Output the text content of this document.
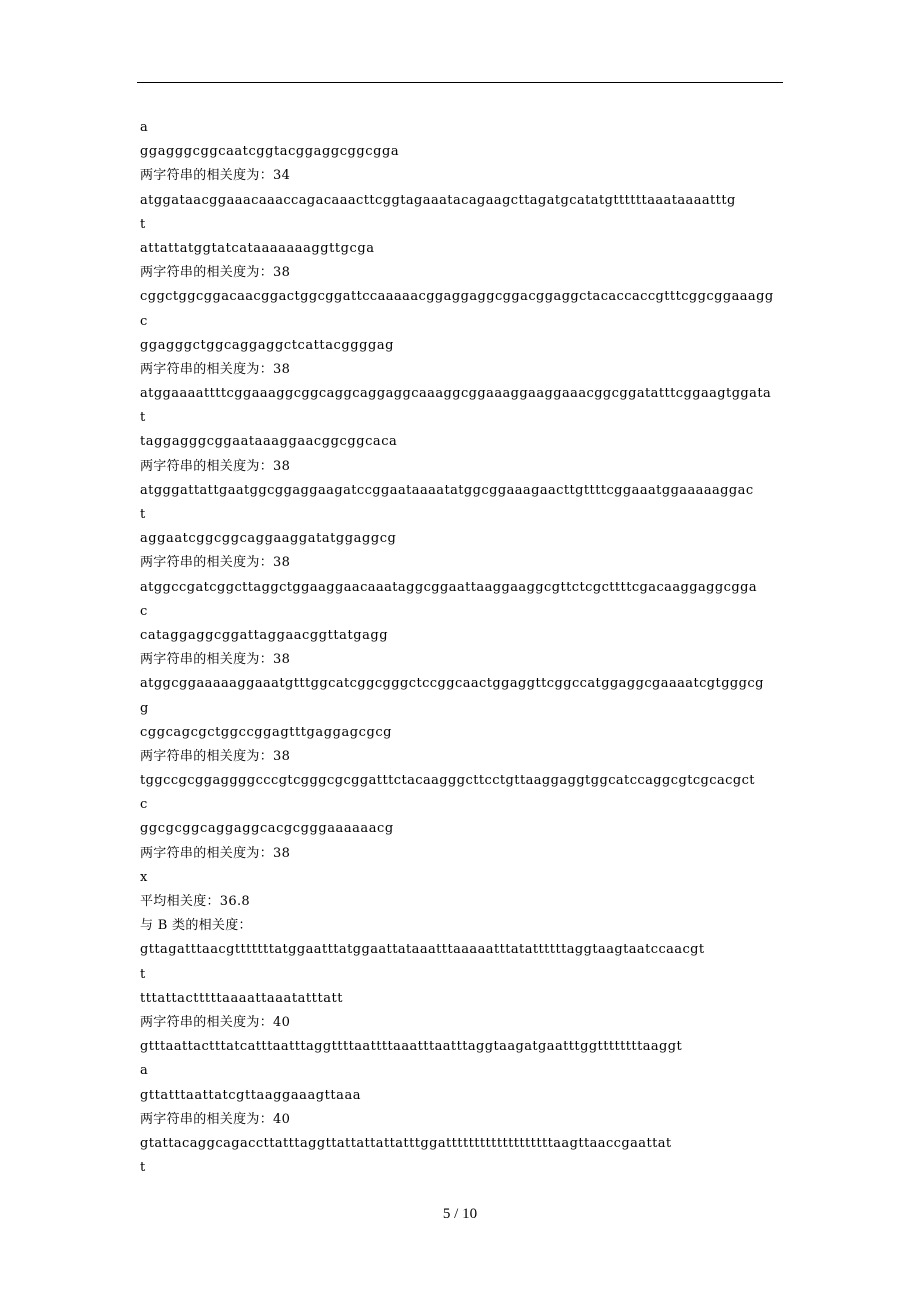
a
ggagggcggcaatcggtacggaggcggcgga
两字符串的相关度为：34
atggataacggaaacaaaccagacaaacttcggtagaaatacagaagcttagatgcatatgttttttaaataaaatttg
t
attattatggtatcataaaaaaaggttgcga
两字符串的相关度为：38
cggctggcggacaacggactggcggattccaaaaacggaggaggcggacggaggctacaccaccgtttcggcggaaagg
c
ggagggctggcaggaggctcattacggggag
两字符串的相关度为：38
atggaaaattttcggaaaggcggcaggcaggaggcaaaggcggaaaggaaggaaacggcggatatttcggaagtggata
t
taggagggcggaataaaggaacggcggcaca
两字符串的相关度为：38
atgggattattgaatggcggaggaagatccggaataaaatatggcggaaagaacttgttttcggaaatggaaaaaggac
t
aggaatcggcggcaggaaggatatggaggcg
两字符串的相关度为：38
atggccgatcggcttaggctggaaggaacaaataggcggaattaaggaaggcgttctcgcttttcgacaaggaggcgga
c
cataggaggcggattaggaacggttatgagg
两字符串的相关度为：38
atggcggaaaaaggaaatgtttggcatcggcgggctccggcaactggaggttcggccatggaggcgaaaatcgtgggcg
g
cggcagcgctggccggagtttgaggagcgcg
两字符串的相关度为：38
tggccgcggaggggcccgtcgggcgcggatttctacaagggcttcctgttaaggaggtggcatccaggcgtcgcacgct
c
ggcgcggcaggaggcacgcgggaaaaaacg
两字符串的相关度为：38
x
平均相关度：36.8
与 B 类的相关度：
gttagatttaacgtttttttatggaatttatggaattataaatttaaaaatttatattttttaggtaagtaatccaacgt
t
tttattactttttaaaattaaatatttatt
两字符串的相关度为：40
gtttaattactttatcatttaatttaggttttaattttaaatttaatttaggtaagatgaatttggttttttttaaggt
a
gttatttaattatcgttaaggaaagttaaa
两字符串的相关度为：40
gtattacaggcagaccttatttaggttattattattatttggatttttttttttttttttttaagttaaccgaattat
t
5 / 10
